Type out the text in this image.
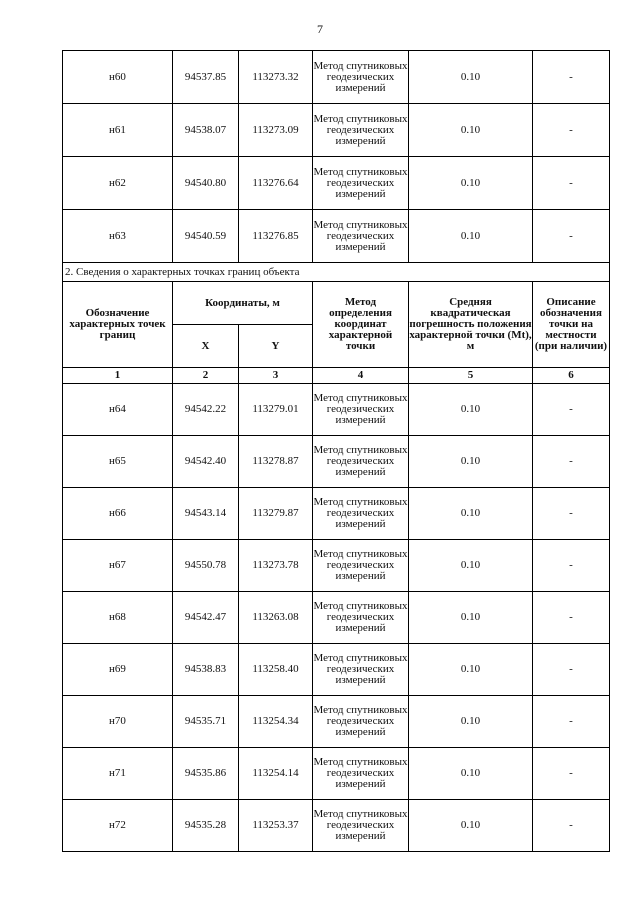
7
н60	94537.85	113273.32	Метод спутниковых геодезических измерений	0.10	-
н61	94538.07	113273.09	Метод спутниковых геодезических измерений	0.10	-
н62	94540.80	113276.64	Метод спутниковых геодезических измерений	0.10	-
н63	94540.59	113276.85	Метод спутниковых геодезических измерений	0.10	-
2. Сведения о характерных точках границ объекта					
Обозначение характерных точек границ	Координаты, м		Метод определения координат характерной точки	Средняя квадратическая погрешность положения характерной точки (Mt), м	Описание обозначения точки на местности (при наличии)
	X	Y			
1	2	3	4	5	6
н64	94542.22	113279.01	Метод спутниковых геодезических измерений	0.10	-
н65	94542.40	113278.87	Метод спутниковых геодезических измерений	0.10	-
н66	94543.14	113279.87	Метод спутниковых геодезических измерений	0.10	-
н67	94550.78	113273.78	Метод спутниковых геодезических измерений	0.10	-
н68	94542.47	113263.08	Метод спутниковых геодезических измерений	0.10	-
н69	94538.83	113258.40	Метод спутниковых геодезических измерений	0.10	-
н70	94535.71	113254.34	Метод спутниковых геодезических измерений	0.10	-
н71	94535.86	113254.14	Метод спутниковых геодезических измерений	0.10	-
н72	94535.28	113253.37	Метод спутниковых геодезических измерений	0.10	-
